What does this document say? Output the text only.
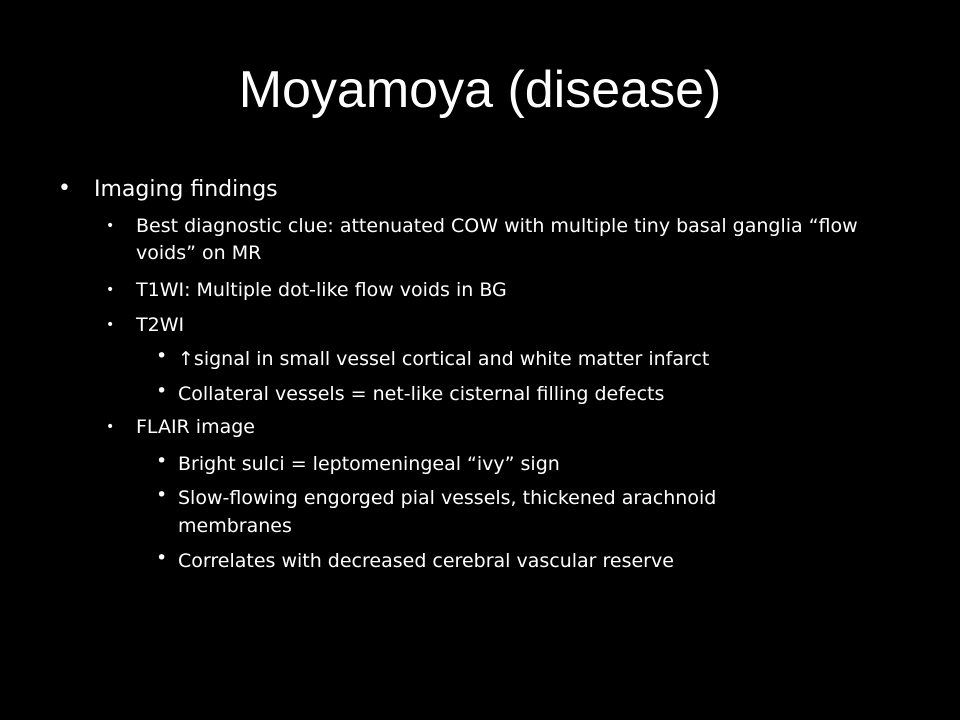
Moyamoya (disease)
• Imaging findings
• Best diagnostic clue: attenuated COW with multiple tiny basal ganglia “flow voids” on MR
• T1WI: Multiple dot-like flow voids in BG
• T2WI
• ↑signal in small vessel cortical and white matter infarct
• Collateral vessels = net-like cisternal filling defects
• FLAIR image
• Bright sulci = leptomeningeal “ivy” sign
• Slow-flowing engorged pial vessels, thickened arachnoid membranes
• Correlates with decreased cerebral vascular reserve
